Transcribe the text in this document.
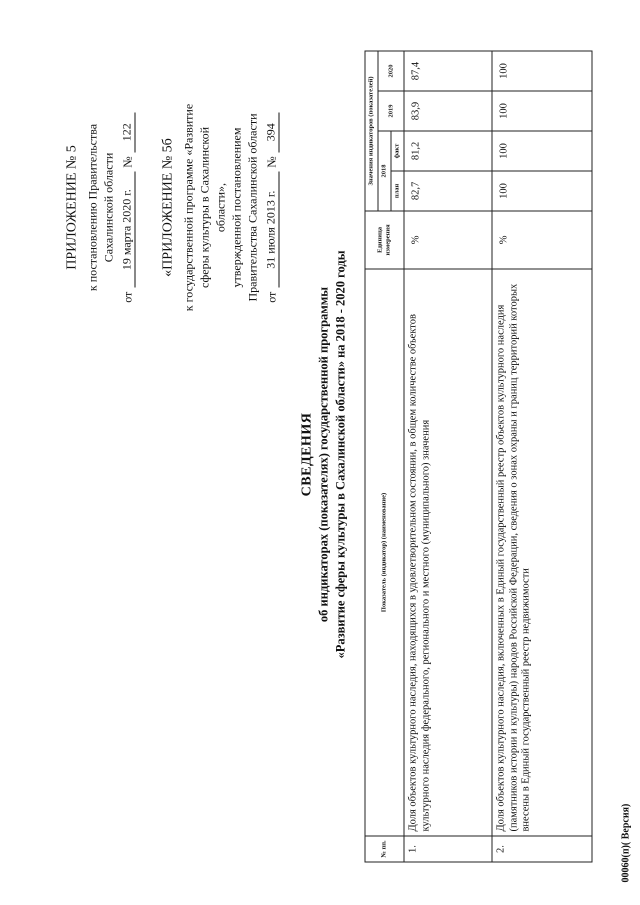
ПРИЛОЖЕНИЕ № 5 к постановлению Правительства Сахалинской области
от
19 марта 2020 г.
№
122
«ПРИЛОЖЕНИЕ № 5б к государственной программе «Развитие сферы культуры в Сахалинской области», утвержденной постановлением Правительства Сахалинской области от
31 июля 2013 г.
№
394
СВЕДЕНИЯ об индикаторах (показателях) государственной программы «Развитие сферы культуры в Сахалинской области» на 2018 - 2020 годы
№ пп.	Показатель (индикатор) (наименование)	Единица измерения	Значения индикаторов (показателей)			
			2018		2019	2020
			план	факт		
1.	Доля объектов культурного наследия, находящихся в удовлетворительном состоянии, в общем количестве объектов культурного наследия федерального, регионального и местного (муниципального) значения	%	82,7	81,2	83,9	87,4
2.	Доля объектов культурного наследия, включенных в Единый государственный реестр объектов культурного наследия (памятников истории и культуры) народов Российской Федерации, сведения о зонах охраны и границ территорий которых внесены в Единый государственный реестр недвижимости	%	100	100	100	100
00060(п)( Версия)
